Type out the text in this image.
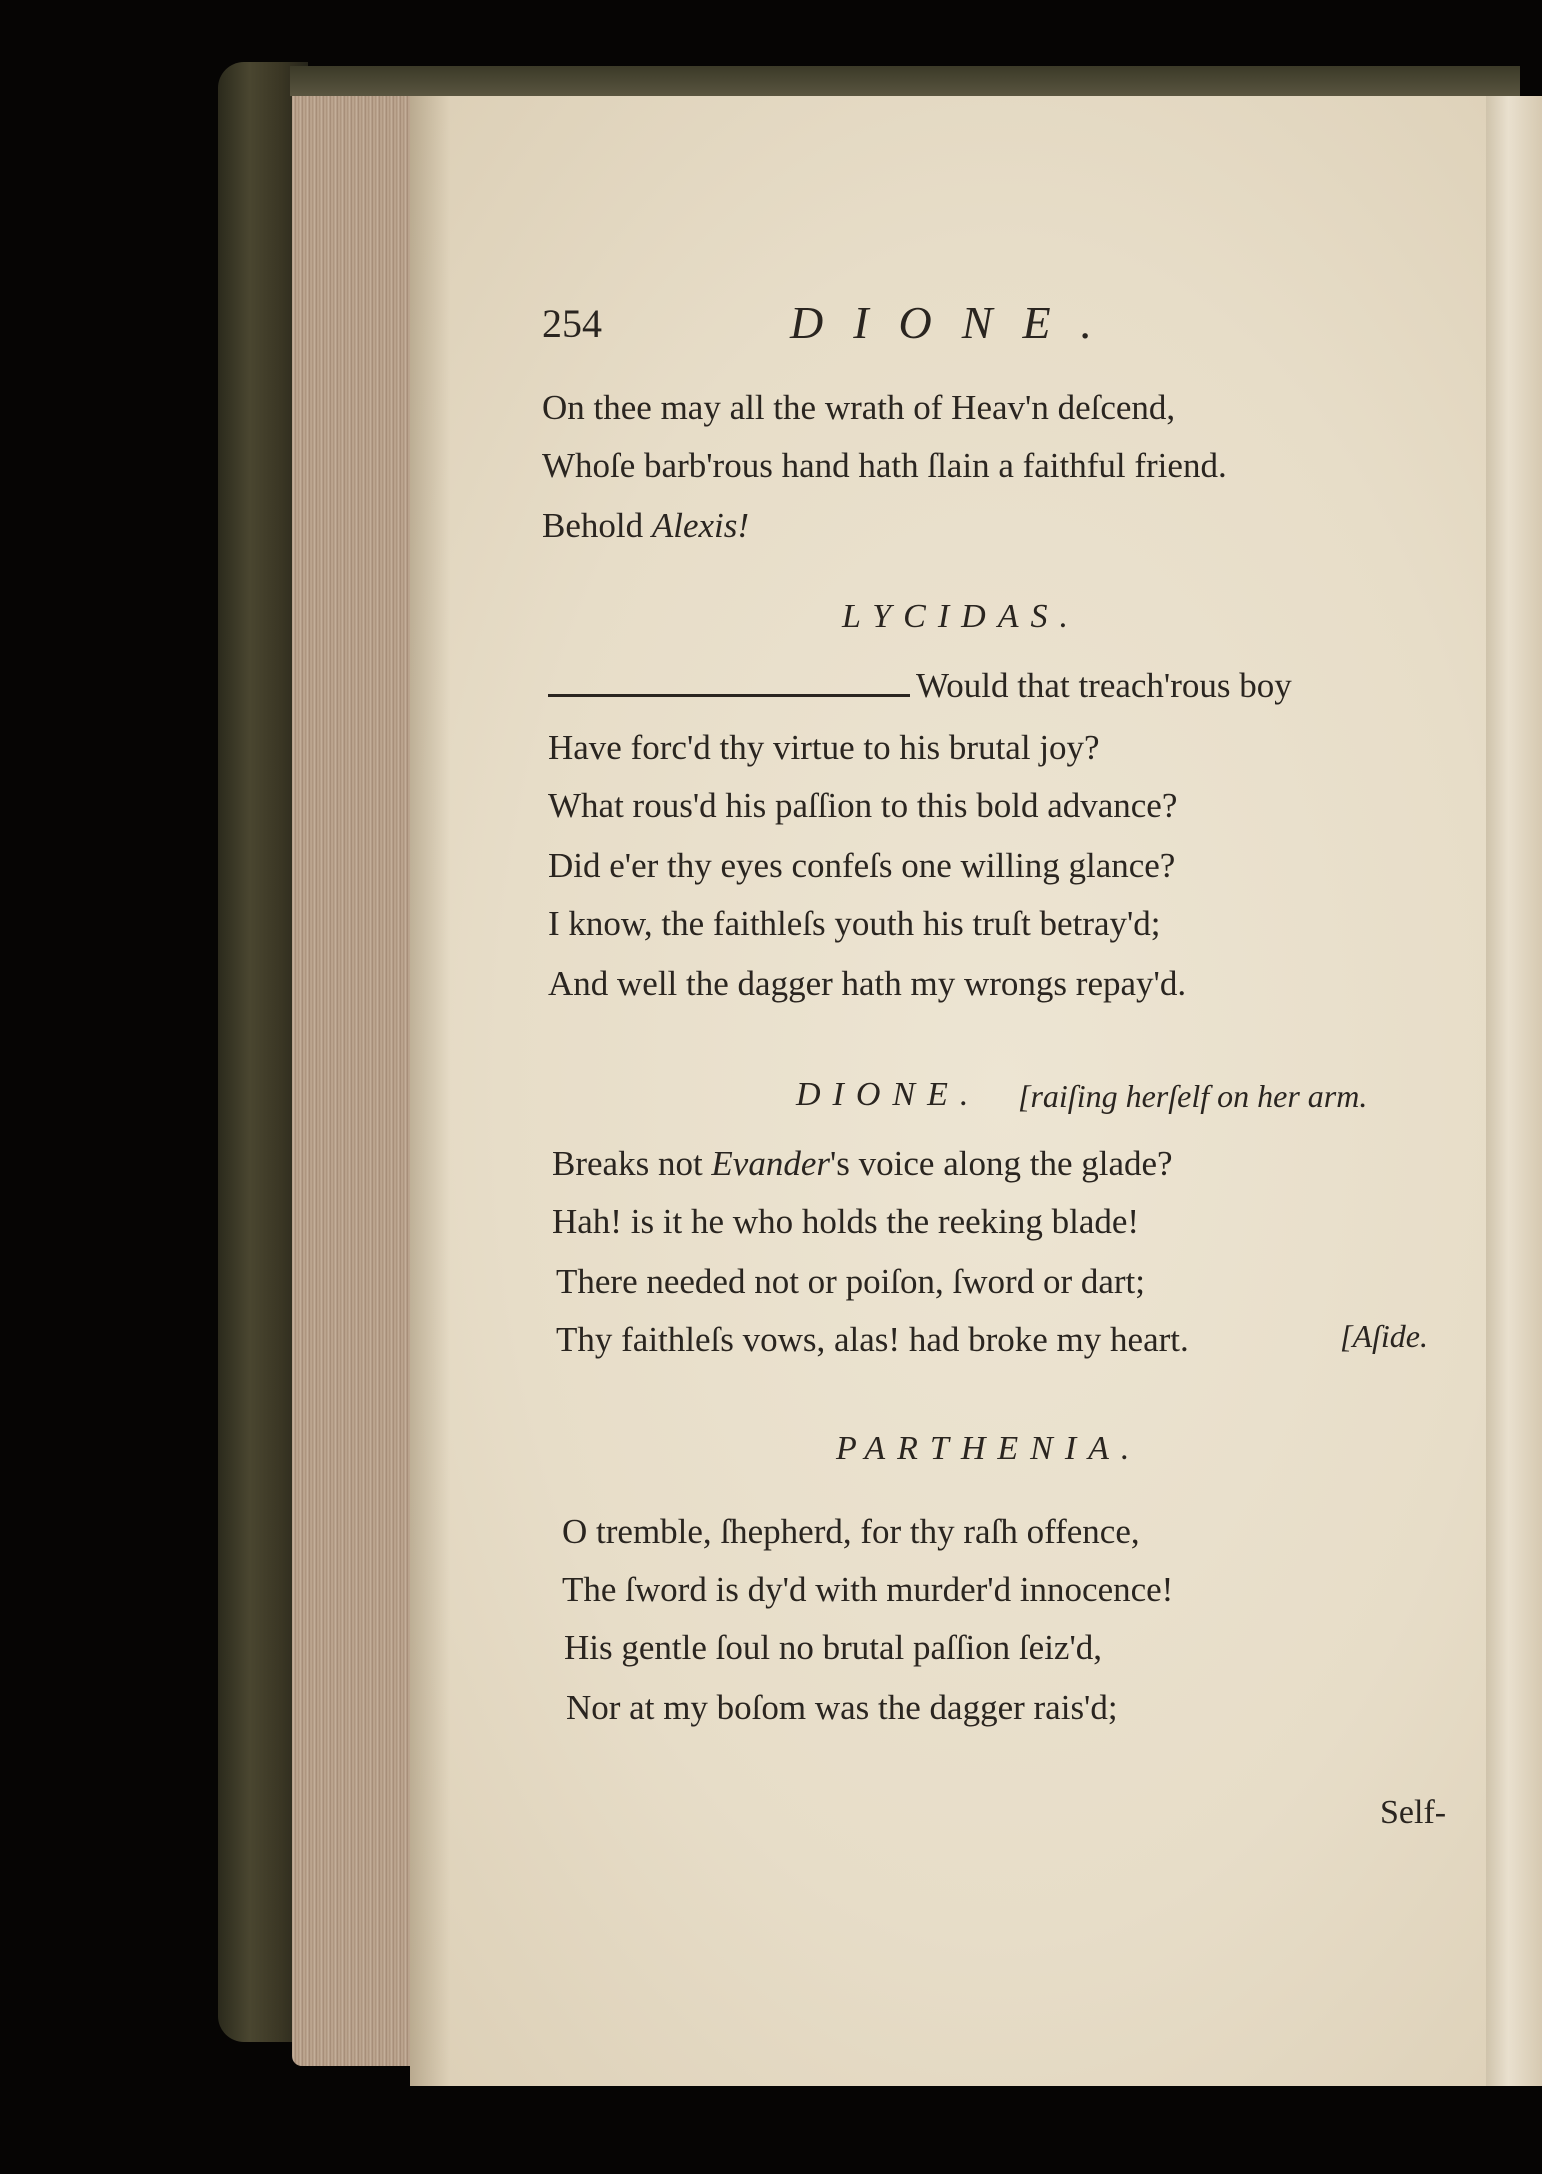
254	DIONE.
On thee may all the wrath of Heav'n deſcend,
Whoſe barb'rous hand hath ſlain a faithful friend.
Behold Alexis!
LYCIDAS.
Would that treach'rous boy
Have forc'd thy virtue to his brutal joy?
What rous'd his paſſion to this bold advance?
Did e'er thy eyes confeſs one willing glance?
I know, the faithleſs youth his truſt betray'd;
And well the dagger hath my wrongs repay'd.
DIONE. [raiſing herſelf on her arm.
Breaks not Evander's voice along the glade?
Hah! is it he who holds the reeking blade!
There needed not or poiſon, ſword or dart;
Thy faithleſs vows, alas! had broke my heart.	[Aſide.
PARTHENIA.
O tremble, ſhepherd, for thy raſh offence,
The ſword is dy'd with murder'd innocence!
His gentle ſoul no brutal paſſion ſeiz'd,
Nor at my boſom was the dagger rais'd;
Self-
